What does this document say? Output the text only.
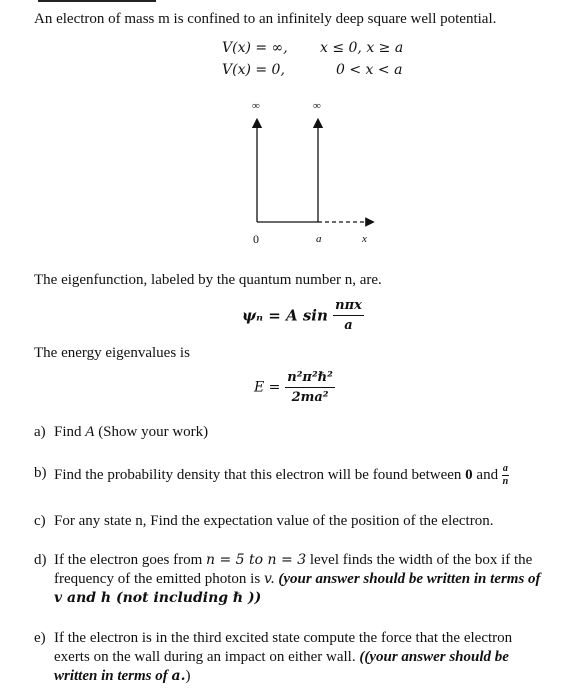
An electron of mass m is confined to an infinitely deep square well potential.
V(x) = ∞, x ≤ 0, x ≥ a
V(x) = 0,	0 < x < a
∞	∞
0	a	x
The eigenfunction, labeled by the quantum number n, are.
ψₙ = A $\sin \frac{\text{nπx}}{a}$
The energy eigenvalues is
$E = \frac{\text{n²π²ℏ²}}{\text{2ma²}}$
a) Find A (Show your work)
b) Find the probability density that this electron will be found between 0 and $\frac{a}{n}$
c) For any state n, Find the expectation value of the position of the electron.
d) If the electron goes from n = 5 to n = 3 level finds the width of the box if the frequency of the emitted photon is v. (your answer should be written in terms of v and h (not including ℏ ))
e) If the electron is in the third excited state compute the force that the electron exerts on the wall during an impact on either wall. ((your answer should be written in terms of a.)
